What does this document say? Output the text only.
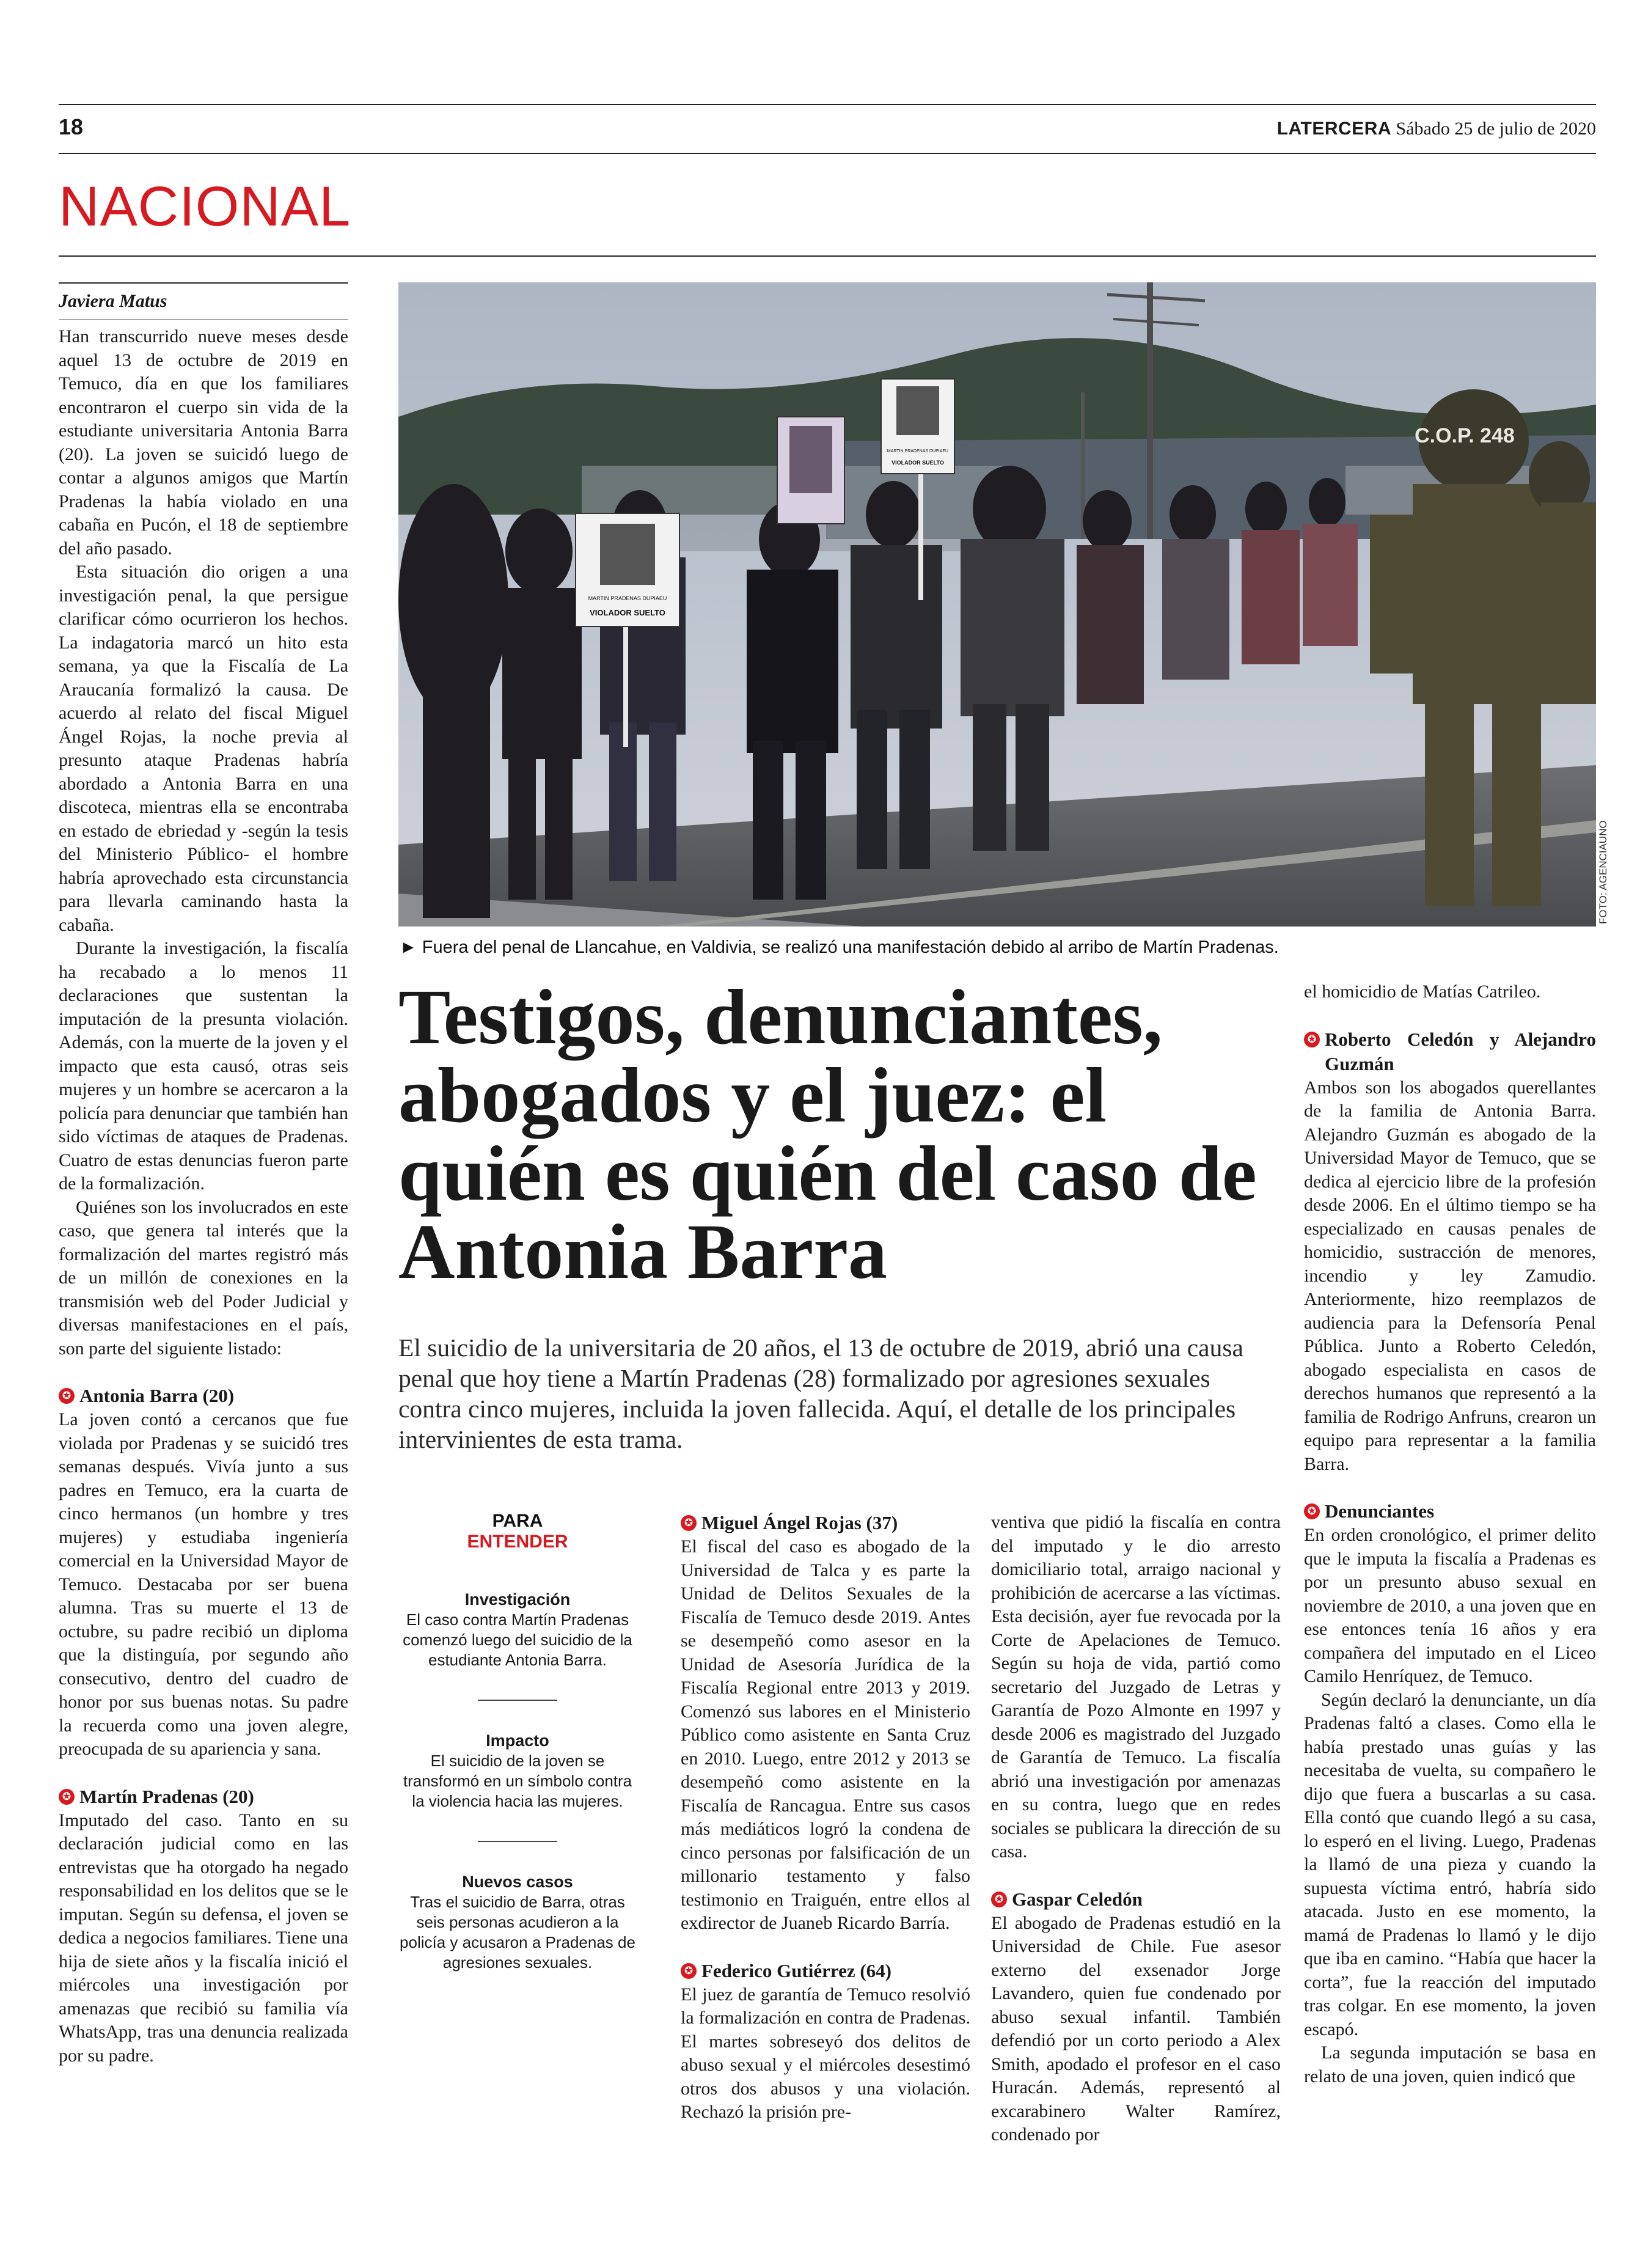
18	LATERCERA Sábado 25 de julio de 2020
NACIONAL
Javiera Matus

Han transcurrido nueve meses desde aquel 13 de octubre de 2019 en Temuco, día en que los familiares encontraron el cuerpo sin vida de la estudiante universitaria Antonia Barra (20). La joven se suicidó luego de contar a algunos amigos que Martín Pradenas la había violado en una cabaña en Pucón, el 18 de septiembre del año pasado.

Esta situación dio origen a una investigación penal, la que persigue clarificar cómo ocurrieron los hechos. La indagatoria marcó un hito esta semana, ya que la Fiscalía de La Araucanía formalizó la causa. De acuerdo al relato del fiscal Miguel Ángel Rojas, la noche previa al presunto ataque Pradenas habría abordado a Antonia Barra en una discoteca, mientras ella se encontraba en estado de ebriedad y -según la tesis del Ministerio Público- el hombre habría aprovechado esta circunstancia para llevarla caminando hasta la cabaña.

Durante la investigación, la fiscalía ha recabado a lo menos 11 declaraciones que sustentan la imputación de la presunta violación. Además, con la muerte de la joven y el impacto que esta causó, otras seis mujeres y un hombre se acercaron a la policía para denunciar que también han sido víctimas de ataques de Pradenas. Cuatro de estas denuncias fueron parte de la formalización.

Quiénes son los involucrados en este caso, que genera tal interés que la formalización del martes registró más de un millón de conexiones en la transmisión web del Poder Judicial y diversas manifestaciones en el país, son parte del siguiente listado:

✪ Antonia Barra (20)

La joven contó a cercanos que fue violada por Pradenas y se suicidó tres semanas después. Vivía junto a sus padres en Temuco, era la cuarta de cinco hermanos (un hombre y tres mujeres) y estudiaba ingeniería comercial en la Universidad Mayor de Temuco. Destacaba por ser buena alumna. Tras su muerte el 13 de octubre, su padre recibió un diploma que la distinguía, por segundo año consecutivo, dentro del cuadro de honor por sus buenas notas. Su padre la recuerda como una joven alegre, preocupada de su apariencia y sana.

✪ Martín Pradenas (20)

Imputado del caso. Tanto en su declaración judicial como en las entrevistas que ha otorgado ha negado responsabilidad en los delitos que se le imputan. Según su defensa, el joven se dedica a negocios familiares. Tiene una hija de siete años y la fiscalía inició el miércoles una investigación por amenazas que recibió su familia vía WhatsApp, tras una denuncia realizada por su padre.

C.O.P. 248
MARTIN PRADENAS DUPIAEU
VIOLADOR SUELTO
MARTIN PRADENAS DUPIAEU
VIOLADOR SUELTO
FOTO: AGENCIAUNO
► Fuera del penal de Llancahue, en Valdivia, se realizó una manifestación debido al arribo de Martín Pradenas.
Testigos, denunciantes, abogados y el juez: el quién es quién del caso de Antonia Barra
El suicidio de la universitaria de 20 años, el 13 de octubre de 2019, abrió una causa penal que hoy tiene a Martín Pradenas (28) formalizado por agresiones sexuales contra cinco mujeres, incluida la joven fallecida. Aquí, el detalle de los principales intervinientes de esta trama.
PARA
ENTENDER
Investigación
El caso contra Martín Pradenas comenzó luego del suicidio de la estudiante Antonia Barra.
Impacto
El suicidio de la joven se transformó en un símbolo contra la violencia hacia las mujeres.
Nuevos casos
Tras el suicidio de Barra, otras seis personas acudieron a la policía y acusaron a Pradenas de agresiones sexuales.
✪ Miguel Ángel Rojas (37)

El fiscal del caso es abogado de la Universidad de Talca y es parte la Unidad de Delitos Sexuales de la Fiscalía de Temuco desde 2019. Antes se desempeñó como asesor en la Unidad de Asesoría Jurídica de la Fiscalía Regional entre 2013 y 2019. Comenzó sus labores en el Ministerio Público como asistente en Santa Cruz en 2010. Luego, entre 2012 y 2013 se desempeñó como asistente en la Fiscalía de Rancagua. Entre sus casos más mediáticos logró la condena de cinco personas por falsificación de un millonario testamento y falso testimonio en Traiguén, entre ellos al exdirector de Juaneb Ricardo Barría.

✪ Federico Gutiérrez (64)

El juez de garantía de Temuco resolvió la formalización en contra de Pradenas. El martes sobreseyó dos delitos de abuso sexual y el miércoles desestimó otros dos abusos y una violación. Rechazó la prisión pre-

ventiva que pidió la fiscalía en contra del imputado y le dio arresto domiciliario total, arraigo nacional y prohibición de acercarse a las víctimas. Esta decisión, ayer fue revocada por la Corte de Apelaciones de Temuco. Según su hoja de vida, partió como secretario del Juzgado de Letras y Garantía de Pozo Almonte en 1997 y desde 2006 es magistrado del Juzgado de Garantía de Temuco. La fiscalía abrió una investigación por amenazas en su contra, luego que en redes sociales se publicara la dirección de su casa.

✪ Gaspar Celedón

El abogado de Pradenas estudió en la Universidad de Chile. Fue asesor externo del exsenador Jorge Lavandero, quien fue condenado por abuso sexual infantil. También defendió por un corto periodo a Alex Smith, apodado el profesor en el caso Huracán. Además, representó al excarabinero Walter Ramírez, condenado por

el homicidio de Matías Catrileo.

✪ Roberto Celedón y Alejandro Guzmán

Ambos son los abogados querellantes de la familia de Antonia Barra. Alejandro Guzmán es abogado de la Universidad Mayor de Temuco, que se dedica al ejercicio libre de la profesión desde 2006. En el último tiempo se ha especializado en causas penales de homicidio, sustracción de menores, incendio y ley Zamudio. Anteriormente, hizo reemplazos de audiencia para la Defensoría Penal Pública. Junto a Roberto Celedón, abogado especialista en casos de derechos humanos que representó a la familia de Rodrigo Anfruns, crearon un equipo para representar a la familia Barra.

✪ Denunciantes

En orden cronológico, el primer delito que le imputa la fiscalía a Pradenas es por un presunto abuso sexual en noviembre de 2010, a una joven que en ese entonces tenía 16 años y era compañera del imputado en el Liceo Camilo Henríquez, de Temuco.

Según declaró la denunciante, un día Pradenas faltó a clases. Como ella le había prestado unas guías y las necesitaba de vuelta, su compañero le dijo que fuera a buscarlas a su casa. Ella contó que cuando llegó a su casa, lo esperó en el living. Luego, Pradenas la llamó de una pieza y cuando la supuesta víctima entró, habría sido atacada. Justo en ese momento, la mamá de Pradenas lo llamó y le dijo que iba en camino. “Había que hacer la corta”, fue la reacción del imputado tras colgar. En ese momento, la joven escapó.

La segunda imputación se basa en relato de una joven, quien indicó que
